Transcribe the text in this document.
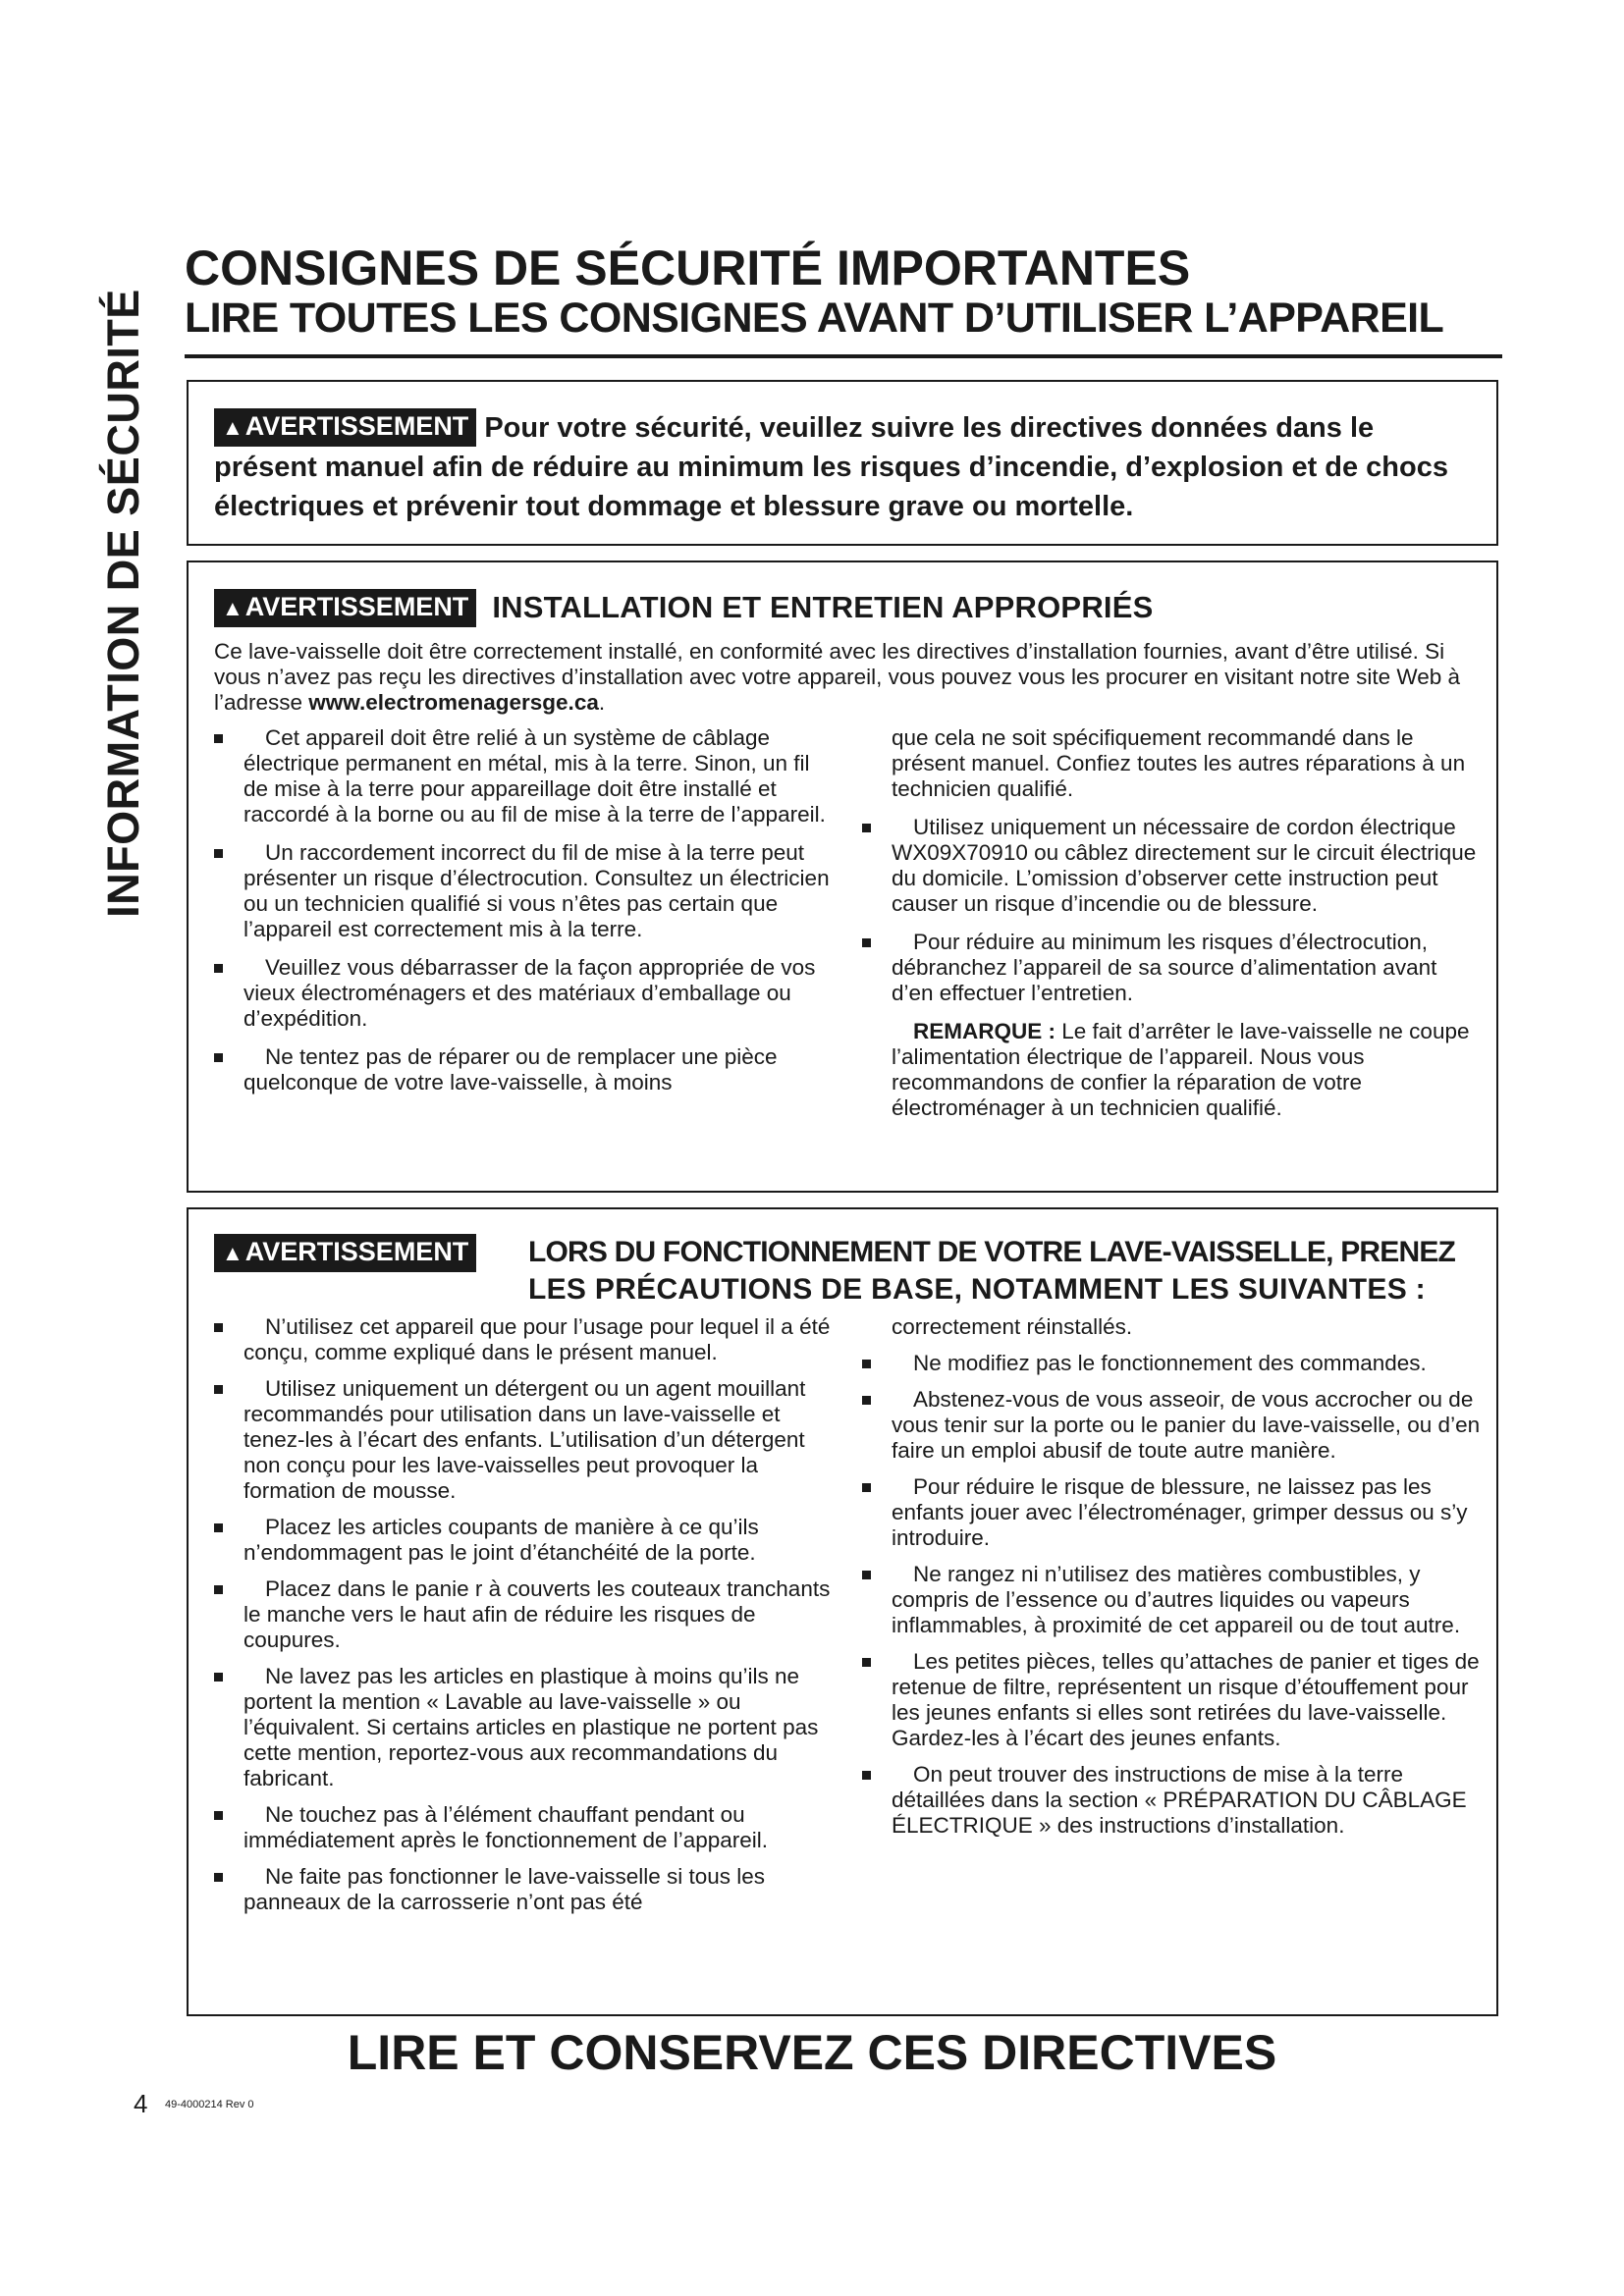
INFORMATION DE SÉCURITÉ
CONSIGNES DE SÉCURITÉ IMPORTANTES
LIRE TOUTES LES CONSIGNES AVANT D’UTILISER L’APPAREIL
▲AVERTISSEMENT Pour votre sécurité, veuillez suivre les directives données dans le présent manuel afin de réduire au minimum les risques d’incendie, d’explosion et de chocs électriques et prévenir tout dommage et blessure grave ou mortelle.
▲AVERTISSEMENT INSTALLATION ET ENTRETIEN APPROPRIÉS
Ce lave-vaisselle doit être correctement installé, en conformité avec les directives d’installation fournies, avant d’être utilisé. Si vous n’avez pas reçu les directives d’installation avec votre appareil, vous pouvez vous les procurer en visitant notre site Web à l’adresse www.electromenagersge.ca.
Cet appareil doit être relié à un système de câblage électrique permanent en métal, mis à la terre. Sinon, un fil de mise à la terre pour appareillage doit être installé et raccordé à la borne ou au fil de mise à la terre de l’appareil.
Un raccordement incorrect du fil de mise à la terre peut présenter un risque d’électrocution. Consultez un électricien ou un technicien qualifié si vous n’êtes pas certain que l’appareil est correctement mis à la terre.
Veuillez vous débarrasser de la façon appropriée de vos vieux électroménagers et des matériaux d’emballage ou d’expédition.
Ne tentez pas de réparer ou de remplacer une pièce quelconque de votre lave-vaisselle, à moins
que cela ne soit spécifiquement recommandé dans le présent manuel. Confiez toutes les autres réparations à un technicien qualifié.
Utilisez uniquement un nécessaire de cordon électrique WX09X70910 ou câblez directement sur le circuit électrique du domicile. L’omission d’observer cette instruction peut causer un risque d’incendie ou de blessure.
Pour réduire au minimum les risques d’électrocution, débranchez l’appareil de sa source d’alimentation avant d’en effectuer l’entretien.
REMARQUE : Le fait d’arrêter le lave-vaisselle ne coupe l’alimentation électrique de l’appareil. Nous vous recommandons de confier la réparation de votre électroménager à un technicien qualifié.
▲AVERTISSEMENT LORS DU FONCTIONNEMENT DE VOTRE LAVE-VAISSELLE, PRENEZ
LES PRÉCAUTIONS DE BASE, NOTAMMENT LES SUIVANTES :
N’utilisez cet appareil que pour l’usage pour lequel il a été conçu, comme expliqué dans le présent manuel.
Utilisez uniquement un détergent ou un agent mouillant recommandés pour utilisation dans un lave-vaisselle et tenez-les à l’écart des enfants. L’utilisation d’un détergent non conçu pour les lave-vaisselles peut provoquer la formation de mousse.
Placez les articles coupants de manière à ce qu’ils n’endommagent pas le joint d’étanchéité de la porte.
Placez dans le panie r à couverts les couteaux tranchants le manche vers le haut afin de réduire les risques de coupures.
Ne lavez pas les articles en plastique à moins qu’ils ne portent la mention « Lavable au lave-vaisselle » ou l’équivalent. Si certains articles en plastique ne portent pas cette mention, reportez-vous aux recommandations du fabricant.
Ne touchez pas à l’élément chauffant pendant ou immédiatement après le fonctionnement de l’appareil.
Ne faite pas fonctionner le lave-vaisselle si tous les panneaux de la carrosserie n’ont pas été
correctement réinstallés.
Ne modifiez pas le fonctionnement des commandes.
Abstenez-vous de vous asseoir, de vous accrocher ou de vous tenir sur la porte ou le panier du lave-vaisselle, ou d’en faire un emploi abusif de toute autre manière.
Pour réduire le risque de blessure, ne laissez pas les enfants jouer avec l’électroménager, grimper dessus ou s’y introduire.
Ne rangez ni n’utilisez des matières combustibles, y compris de l’essence ou d’autres liquides ou vapeurs inflammables, à proximité de cet appareil ou de tout autre.
Les petites pièces, telles qu’attaches de panier et tiges de retenue de filtre, représentent un risque d’étouffement pour les jeunes enfants si elles sont retirées du lave-vaisselle. Gardez-les à l’écart des jeunes enfants.
On peut trouver des instructions de mise à la terre détaillées dans la section « PRÉPARATION DU CÂBLAGE ÉLECTRIQUE » des instructions d’installation.
LIRE ET CONSERVEZ CES DIRECTIVES
4 49-4000214 Rev 0
